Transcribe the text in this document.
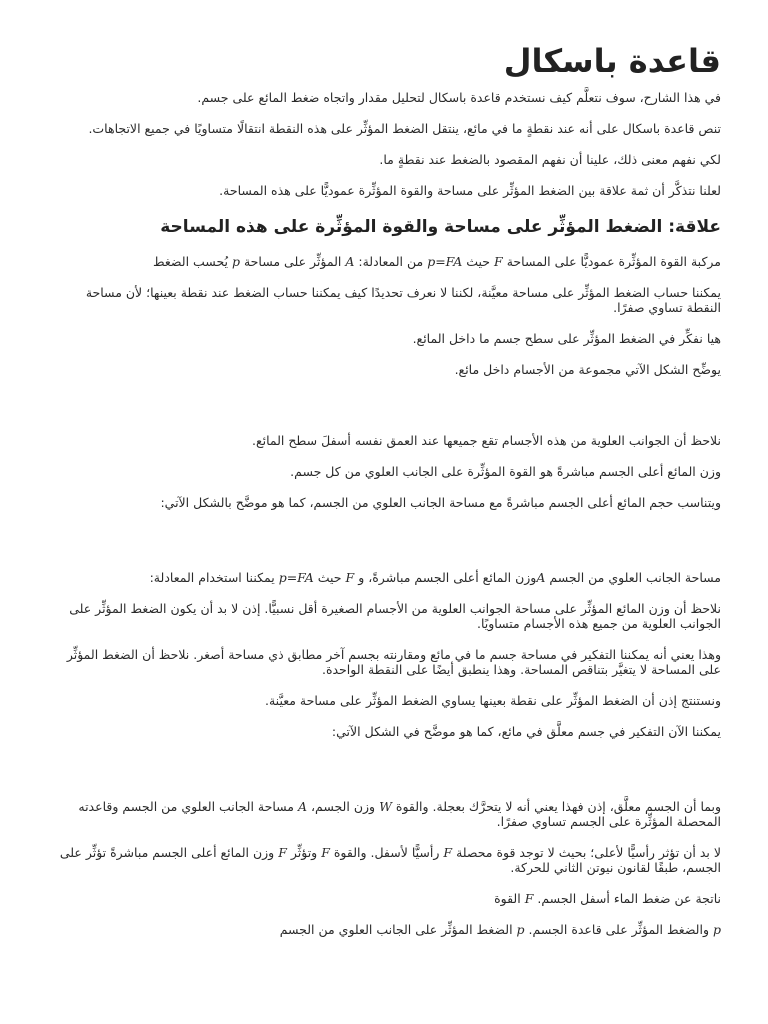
قاعدة باسكال

في هذا الشارح، سوف نتعلَّم كيف نستخدم قاعدة باسكال لتحليل مقدار واتجاه ضغط المائع على جسم.

تنص قاعدة باسكال على أنه عند نقطةٍ ما في مائع، ينتقل الضغط المؤثِّر على هذه النقطة انتقالًا متساويًا في جميع الاتجاهات.

لكي نفهم معنى ذلك، علينا أن نفهم المقصود بالضغط عند نقطةٍ ما.

لعلنا نتذكَّر أن ثمة علاقة بين الضغط المؤثِّر على مساحة والقوة المؤثِّرة عموديًّا على هذه المساحة.

علاقة: الضغط المؤثِّر على مساحة والقوة المؤثِّرة على هذه المساحة

مركبة القوة المؤثِّرة عموديًّا على المساحة F حيث p=FA من المعادلة: A المؤثِّر على مساحة p يُحسب الضغط

يمكننا حساب الضغط المؤثِّر على مساحة معيَّنة، لكننا لا نعرف تحديدًا كيف يمكننا حساب الضغط عند نقطة بعينها؛ لأن مساحة النقطة تساوي صفرًا.

هيا نفكِّر في الضغط المؤثِّر على سطح جسم ما داخل المائع.

يوضِّح الشكل الآتي مجموعة من الأجسام داخل مائع.

نلاحظ أن الجوانب العلوية من هذه الأجسام تقع جميعها عند العمق نفسه أسفلَ سطح المائع.

وزن المائع أعلى الجسم مباشرةً هو القوة المؤثِّرة على الجانب العلوي من كل جسم.

ويتناسب حجم المائع أعلى الجسم مباشرةً مع مساحة الجانب العلوي من الجسم، كما هو موضَّح بالشكل الآتي:

مساحة الجانب العلوي من الجسم Aوزن المائع أعلى الجسم مباشرةً، و F حيث p=FA يمكننا استخدام المعادلة:

نلاحظ أن وزن المائع المؤثِّر على مساحة الجوانب العلوية من الأجسام الصغيرة أقل نسبيًّا. إذن لا بد أن يكون الضغط المؤثِّر على الجوانب العلوية من جميع هذه الأجسام متساويًا.

وهذا يعني أنه يمكننا التفكير في مساحة جسم ما في مائع ومقارنته بجسم آخر مطابق ذي مساحة أصغر. نلاحظ أن الضغط المؤثِّر على المساحة لا يتغيَّر بتناقص المساحة. وهذا ينطبق أيضًا على النقطة الواحدة.

ونستنتج إذن أن الضغط المؤثِّر على نقطة بعينها يساوي الضغط المؤثِّر على مساحة معيَّنة.

يمكننا الآن التفكير في جسم معلَّق في مائع، كما هو موضَّح في الشكل الآتي:

وبما أن الجسم معلَّق، إذن فهذا يعني أنه لا يتحرَّك بعجلة. والقوة W وزن الجسم، A مساحة الجانب العلوي من الجسم وقاعدته المحصلة المؤثِّرة على الجسم تساوي صفرًا.

لا بد أن تؤثر رأسيًّا لأعلى؛ بحيث لا توجد قوة محصلة F رأسيًّا لأسفل. والقوة F وتؤثِّر F وزن المائع أعلى الجسم مباشرةً تؤثِّر على الجسم، طبقًا لقانون نيوتن الثاني للحركة.

ناتجة عن ضغط الماء أسفل الجسم. F القوة

p والضغط المؤثِّر على قاعدة الجسم. p الضغط المؤثِّر على الجانب العلوي من الجسم
